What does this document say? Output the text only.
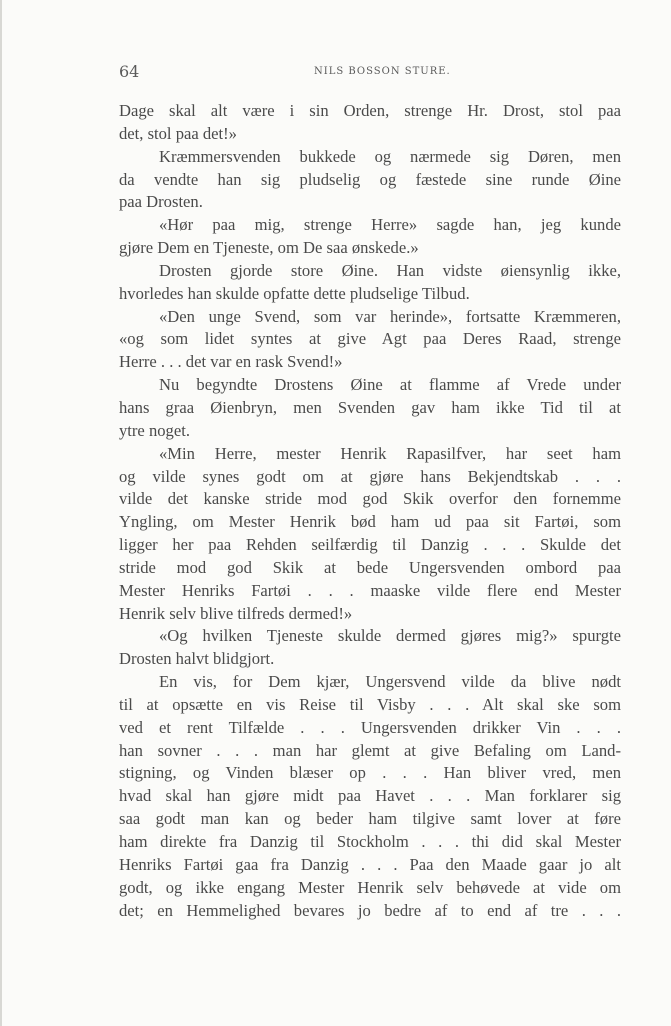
64	NILS BOSSON STURE.
Dage skal alt være i sin Orden, strenge Hr. Drost, stol paa
det, stol paa det!»
Kræmmersvenden bukkede og nærmede sig Døren, men
da vendte han sig pludselig og fæstede sine runde Øine
paa Drosten.
«Hør paa mig, strenge Herre» sagde han, jeg kunde
gjøre Dem en Tjeneste, om De saa ønskede.»
Drosten gjorde store Øine. Han vidste øiensynlig ikke,
hvorledes han skulde opfatte dette pludselige Tilbud.
«Den unge Svend, som var herinde», fortsatte Kræmmeren,
«og som lidet syntes at give Agt paa Deres Raad, strenge
Herre . . . det var en rask Svend!»
Nu begyndte Drostens Øine at flamme af Vrede under
hans graa Øienbryn, men Svenden gav ham ikke Tid til at
ytre noget.
«Min Herre, mester Henrik Rapasilfver, har seet ham
og vilde synes godt om at gjøre hans Bekjendtskab . . .
vilde det kanske stride mod god Skik overfor den fornemme
Yngling, om Mester Henrik bød ham ud paa sit Fartøi, som
ligger her paa Rehden seilfærdig til Danzig . . . Skulde det
stride mod god Skik at bede Ungersvenden ombord paa
Mester Henriks Fartøi . . . maaske vilde flere end Mester
Henrik selv blive tilfreds dermed!»
«Og hvilken Tjeneste skulde dermed gjøres mig?» spurgte
Drosten halvt blidgjort.
En vis, for Dem kjær, Ungersvend vilde da blive nødt
til at opsætte en vis Reise til Visby . . . Alt skal ske som
ved et rent Tilfælde . . . Ungersvenden drikker Vin . . .
han sovner . . . man har glemt at give Befaling om Land-
stigning, og Vinden blæser op . . . Han bliver vred, men
hvad skal han gjøre midt paa Havet . . . Man forklarer sig
saa godt man kan og beder ham tilgive samt lover at føre
ham direkte fra Danzig til Stockholm . . . thi did skal Mester
Henriks Fartøi gaa fra Danzig . . . Paa den Maade gaar jo alt
godt, og ikke engang Mester Henrik selv behøvede at vide om
det; en Hemmelighed bevares jo bedre af to end af tre . . .
